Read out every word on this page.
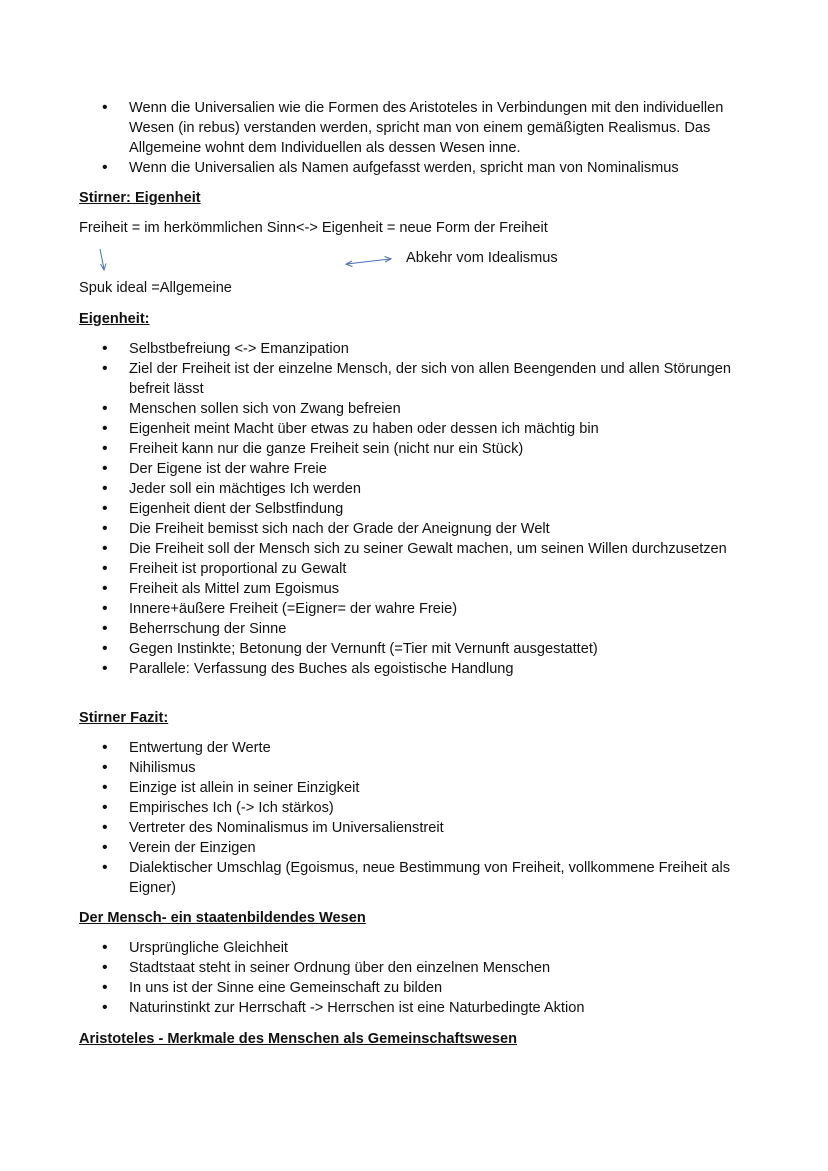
• Wenn die Universalien wie die Formen des Aristoteles in Verbindungen mit den individuellen Wesen (in rebus) verstanden werden, spricht man von einem gemäßigten Realismus. Das Allgemeine wohnt dem Individuellen als dessen Wesen inne.
• Wenn die Universalien als Namen aufgefasst werden, spricht man von Nominalismus
Stirner: Eigenheit
Freiheit = im herkömmlichen Sinn<-> Eigenheit = neue Form der Freiheit
Abkehr vom Idealismus
Spuk ideal =Allgemeine
Eigenheit:
• Selbstbefreiung <-> Emanzipation
• Ziel der Freiheit ist der einzelne Mensch, der sich von allen Beengenden und allen Störungen befreit lässt
• Menschen sollen sich von Zwang befreien
• Eigenheit meint Macht über etwas zu haben oder dessen ich mächtig bin
• Freiheit kann nur die ganze Freiheit sein (nicht nur ein Stück)
• Der Eigene ist der wahre Freie
• Jeder soll ein mächtiges Ich werden
• Eigenheit dient der Selbstfindung
• Die Freiheit bemisst sich nach der Grade der Aneignung der Welt
• Die Freiheit soll der Mensch sich zu seiner Gewalt machen, um seinen Willen durchzusetzen
• Freiheit ist proportional zu Gewalt
• Freiheit als Mittel zum Egoismus
• Innere+äußere Freiheit (=Eigner= der wahre Freie)
• Beherrschung der Sinne
• Gegen Instinkte; Betonung der Vernunft (=Tier mit Vernunft ausgestattet)
• Parallele: Verfassung des Buches als egoistische Handlung
Stirner Fazit:
• Entwertung der Werte
• Nihilismus
• Einzige ist allein in seiner Einzigkeit
• Empirisches Ich (-> Ich stärkos)
• Vertreter des Nominalismus im Universalienstreit
• Verein der Einzigen
• Dialektischer Umschlag (Egoismus, neue Bestimmung von Freiheit, vollkommene Freiheit als Eigner)
Der Mensch- ein staatenbildendes Wesen
• Ursprüngliche Gleichheit
• Stadtstaat steht in seiner Ordnung über den einzelnen Menschen
• In uns ist der Sinne eine Gemeinschaft zu bilden
• Naturinstinkt zur Herrschaft -> Herrschen ist eine Naturbedingte Aktion
Aristoteles - Merkmale des Menschen als Gemeinschaftswesen
